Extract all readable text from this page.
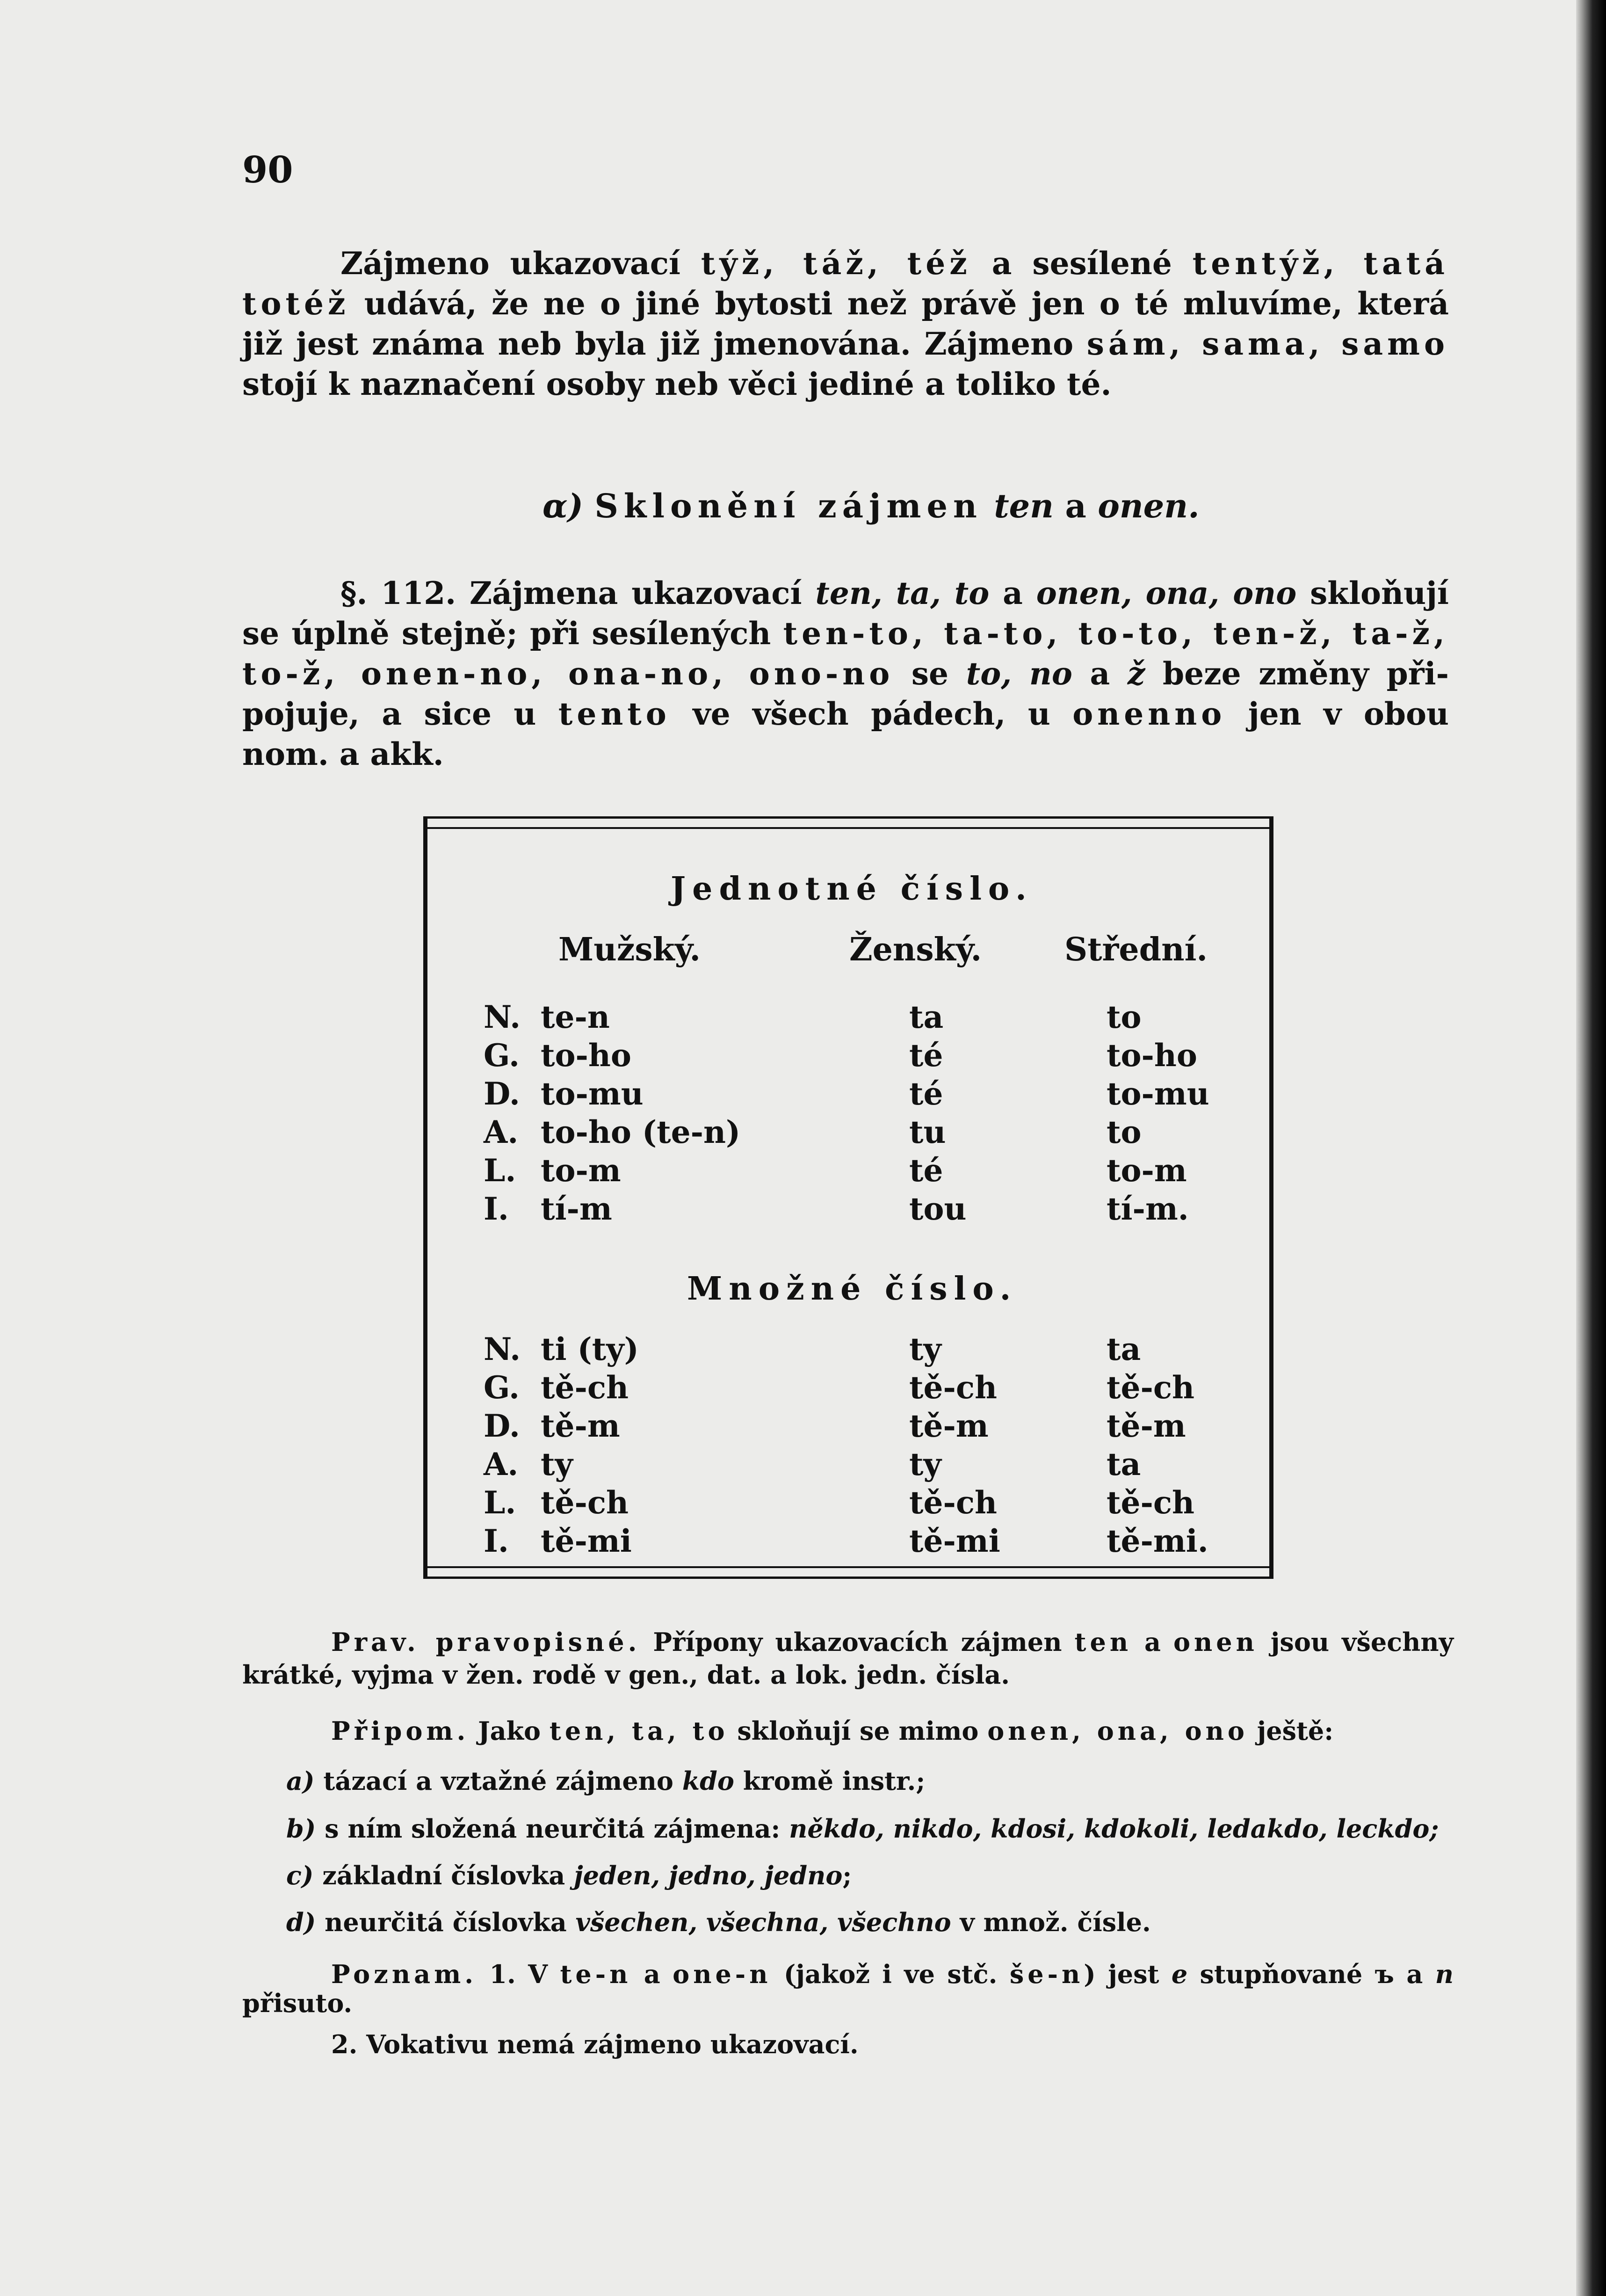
90
Zájmeno ukazovací týž, táž, též a sesílené tentýž, tatá
totéž udává, že ne o jiné bytosti než právě jen o té mluvíme, která
již jest známa neb byla již jmenována. Zájmeno sám, sama, samo
stojí k naznačení osoby neb věci jediné a toliko té.
α) Sklonění zájmen ten a onen.
§. 112. Zájmena ukazovací ten, ta, to a onen, ona, ono skloňují
se úplně stejně; při sesílených ten-to, ta-to, to-to, ten-ž, ta-ž,
to-ž, onen-no, ona-no, ono-no se to, no a ž beze změny při-
pojuje, a sice u tento ve všech pádech, u onenno jen v obou
nom. a akk.
Jednotné číslo.
Mužský.	Ženský.	Střední.
N. te-n	ta	to
G. to-ho	té	to-ho
D. to-mu	té	to-mu
A. to-ho (te-n)	tu	to
L. to-m	té	to-m
I. tí-m	tou	tí-m.
Množné číslo.
N. ti (ty)	ty	ta
G. tě-ch	tě-ch	tě-ch
D. tě-m	tě-m	tě-m
A. ty	ty	ta
L. tě-ch	tě-ch	tě-ch
I. tě-mi	tě-mi	tě-mi.
Prav. pravopisné. Přípony ukazovacích zájmen ten a onen jsou všechny
krátké, vyjma v žen. rodě v gen., dat. a lok. jedn. čísla.
Připom. Jako ten, ta, to skloňují se mimo onen, ona, ono ještě:
a) tázací a vztažné zájmeno kdo kromě instr.;
b) s ním složená neurčitá zájmena: někdo, nikdo, kdosi, kdokoli, ledakdo, leckdo;
c) základní číslovka jeden, jedno, jedno;
d) neurčitá číslovka všechen, všechna, všechno v množ. čísle.
Poznam. 1. V te-n a one-n (jakož i ve stč. še-n) jest e stupňované ъ a n
přisuto.
2. Vokativu nemá zájmeno ukazovací.
